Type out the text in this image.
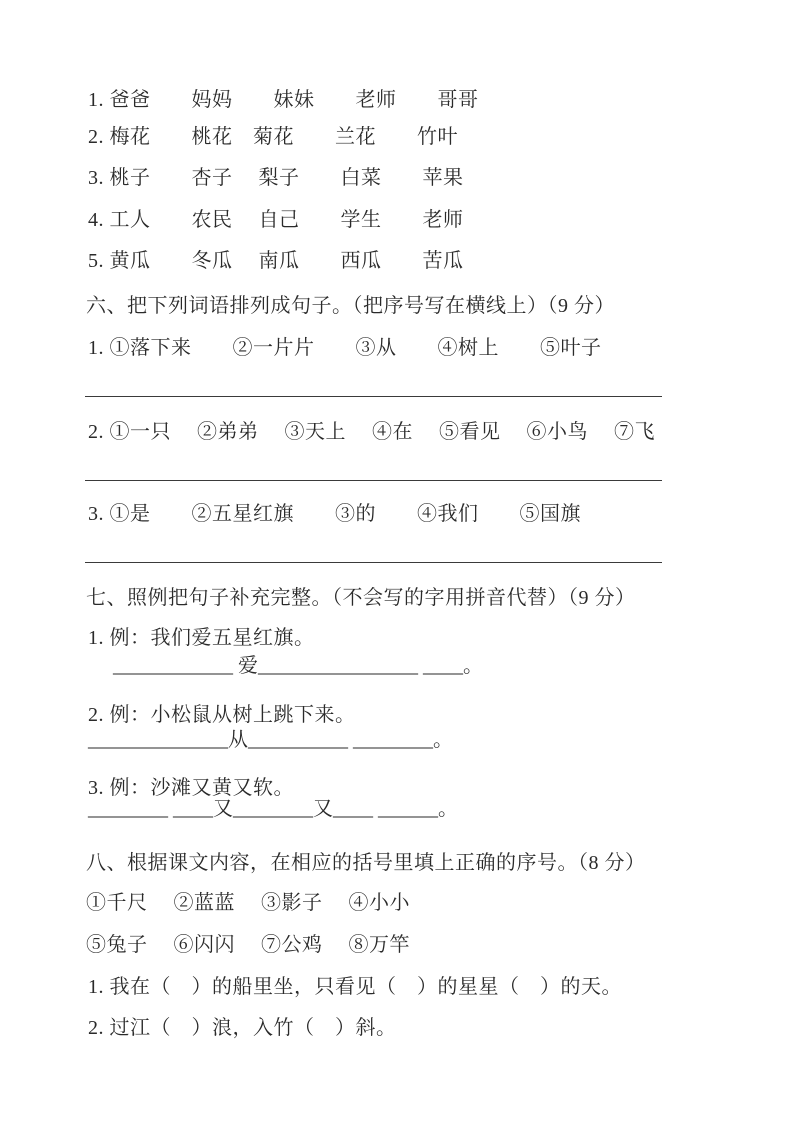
1. 爸爸　　妈妈　　妹妹　　老师　　哥哥
2. 梅花　　桃花　菊花　　兰花　　竹叶
3. 桃子　　杏子　 梨子　　白菜　　苹果
4. 工人　　农民　 自己　　学生　　老师
5. 黄瓜　　冬瓜　 南瓜　　西瓜　　苦瓜
六、把下列词语排列成句子。（把序号写在横线上）（9 分）
1. ①落下来　　②一片片　　③从　　④树上　　⑤叶子
2. ①一只　 ②弟弟　 ③天上　 ④在　 ⑤看见　 ⑥小鸟　 ⑦飞
3. ①是　　②五星红旗　　③的　　④我们　　⑤国旗
七、照例把句子补充完整。（不会写的字用拼音代替）（9 分）
1. 例：我们爱五星红旗。
____________ 爱________________ ____。
2. 例：小松鼠从树上跳下来。
______________从__________ ________。
3. 例：沙滩又黄又软。
________ ____又________又____ ______。
八、根据课文内容，在相应的括号里填上正确的序号。（8 分）
①千尺　 ②蓝蓝　 ③影子　 ④小小
⑤兔子　 ⑥闪闪　 ⑦公鸡　 ⑧万竿
1. 我在（　）的船里坐，只看见（　）的星星（　）的天。
2. 过江（　）浪，入竹（　）斜。
